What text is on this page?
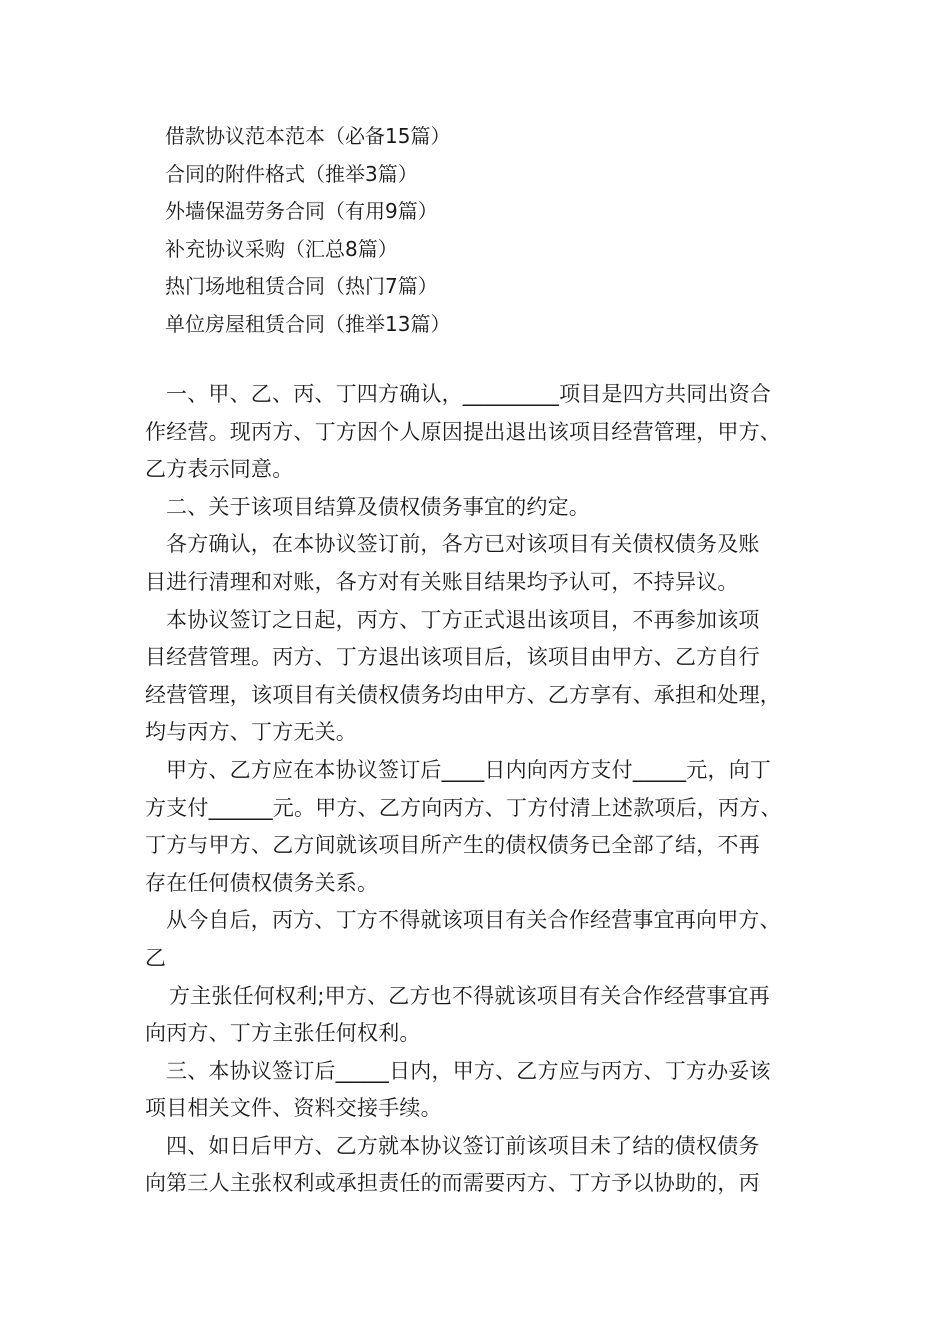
借款协议范本范本（必备15篇）
合同的附件格式（推举3篇）
外墙保温劳务合同（有用9篇）
补充协议采购（汇总8篇）
热门场地租赁合同（热门7篇）
单位房屋租赁合同（推举13篇）
一、甲、乙、丙、丁四方确认，_________项目是四方共同出资合
作经营。现丙方、丁方因个人原因提出退出该项目经营管理，甲方、
乙方表示同意。
二、关于该项目结算及债权债务事宜的约定。
各方确认，在本协议签订前，各方已对该项目有关债权债务及账
目进行清理和对账，各方对有关账目结果均予认可，不持异议。
本协议签订之日起，丙方、丁方正式退出该项目，不再参加该项
目经营管理。丙方、丁方退出该项目后，该项目由甲方、乙方自行
经营管理，该项目有关债权债务均由甲方、乙方享有、承担和处理，
均与丙方、丁方无关。
甲方、乙方应在本协议签订后____日内向丙方支付_____元，向丁
方支付______元。甲方、乙方向丙方、丁方付清上述款项后，丙方、
丁方与甲方、乙方间就该项目所产生的债权债务已全部了结，不再
存在任何债权债务关系。
从今自后，丙方、丁方不得就该项目有关合作经营事宜再向甲方、
乙
方主张任何权利;甲方、乙方也不得就该项目有关合作经营事宜再
向丙方、丁方主张任何权利。
三、本协议签订后_____日内，甲方、乙方应与丙方、丁方办妥该
项目相关文件、资料交接手续。
四、如日后甲方、乙方就本协议签订前该项目未了结的债权债务
向第三人主张权利或承担责任的而需要丙方、丁方予以协助的，丙
